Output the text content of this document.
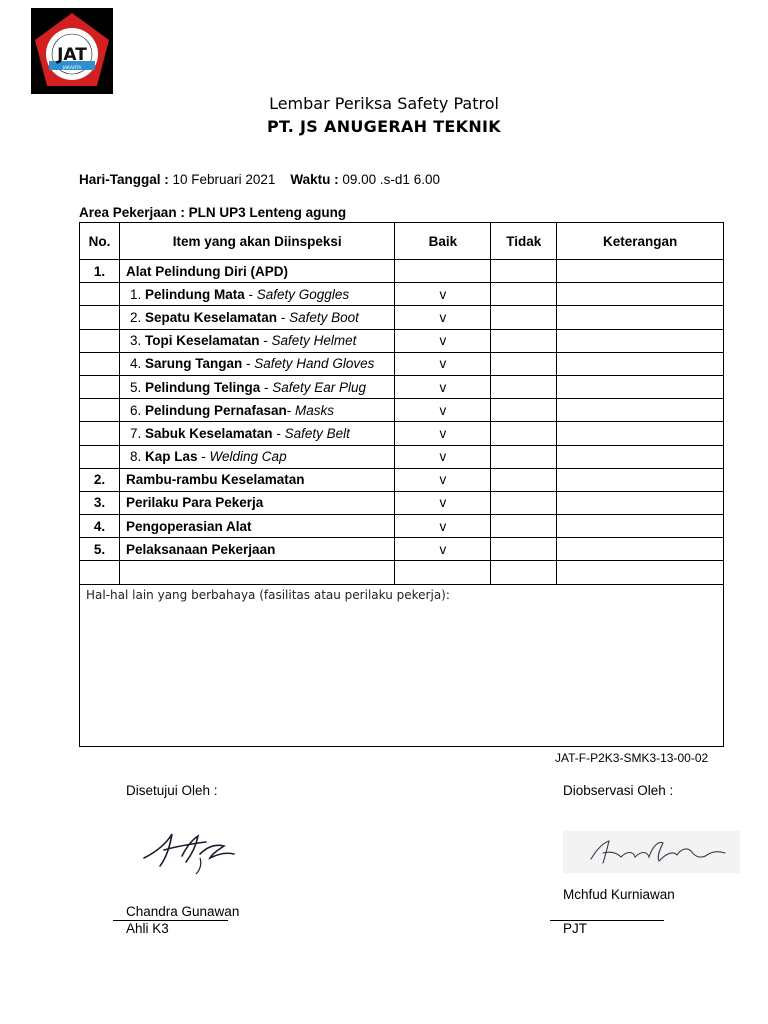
JAT
JAKARTA
Lembar Periksa Safety Patrol
PT. JS ANUGERAH TEKNIK
Hari-Tanggal : 10 Februari 2021 Waktu : 09.00 .s-d1 6.00
Area Pekerjaan : PLN UP3 Lenteng agung
No.	Item yang akan Diinspeksi	Baik	Tidak	Keterangan
1.	Alat Pelindung Diri (APD)			
	1. Pelindung Mata - Safety Goggles	v		
	2. Sepatu Keselamatan - Safety Boot	v		
	3. Topi Keselamatan - Safety Helmet	v		
	4. Sarung Tangan - Safety Hand Gloves	v		
	5. Pelindung Telinga - Safety Ear Plug	v		
	6. Pelindung Pernafasan- Masks	v		
	7. Sabuk Keselamatan - Safety Belt	v		
	8. Kap Las - Welding Cap	v		
2.	Rambu-rambu Keselamatan	v		
3.	Perilaku Para Pekerja	v		
4.	Pengoperasian Alat	v		
5.	Pelaksanaan Pekerjaan	v		

Hal-hal lain yang berbahaya (fasilitas atau perilaku pekerja):				
JAT-F-P2K3-SMK3-13-00-02
Disetujui Oleh :
Chandra Gunawan
Ahli K3
Diobservasi Oleh :
Mchfud Kurniawan
PJT
